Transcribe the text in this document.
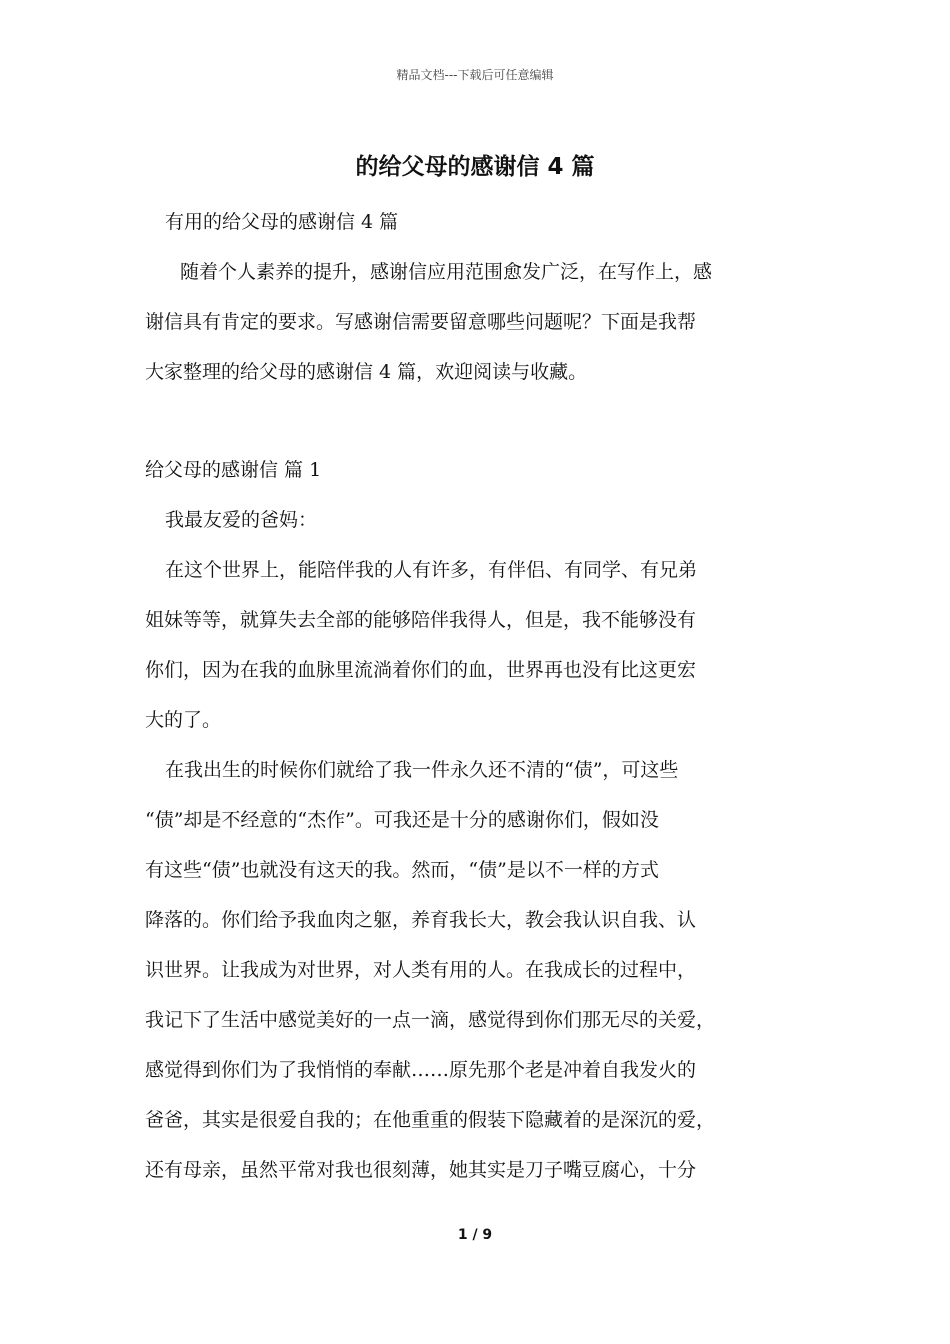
精品文档---下载后可任意编辑
的给父母的感谢信 4 篇
有用的给父母的感谢信 4 篇
随着个人素养的提升，感谢信应用范围愈发广泛，在写作上，感
谢信具有肯定的要求。写感谢信需要留意哪些问题呢？下面是我帮
大家整理的给父母的感谢信 4 篇，欢迎阅读与收藏。
给父母的感谢信 篇 1
我最友爱的爸妈：
在这个世界上，能陪伴我的人有许多，有伴侣、有同学、有兄弟
姐妹等等，就算失去全部的能够陪伴我得人，但是，我不能够没有
你们，因为在我的血脉里流淌着你们的血，世界再也没有比这更宏
大的了。
在我出生的时候你们就给了我一件永久还不清的“债”，可这些
“债”却是不经意的“杰作”。可我还是十分的感谢你们，假如没
有这些“债”也就没有这天的我。然而，“债”是以不一样的方式
降落的。你们给予我血肉之躯，养育我长大，教会我认识自我、认
识世界。让我成为对世界，对人类有用的人。在我成长的过程中，
我记下了生活中感觉美好的一点一滴，感觉得到你们那无尽的关爱，
感觉得到你们为了我悄悄的奉献……原先那个老是冲着自我发火的
爸爸，其实是很爱自我的；在他重重的假装下隐藏着的是深沉的爱，
还有母亲，虽然平常对我也很刻薄，她其实是刀子嘴豆腐心，十分
1 / 9
